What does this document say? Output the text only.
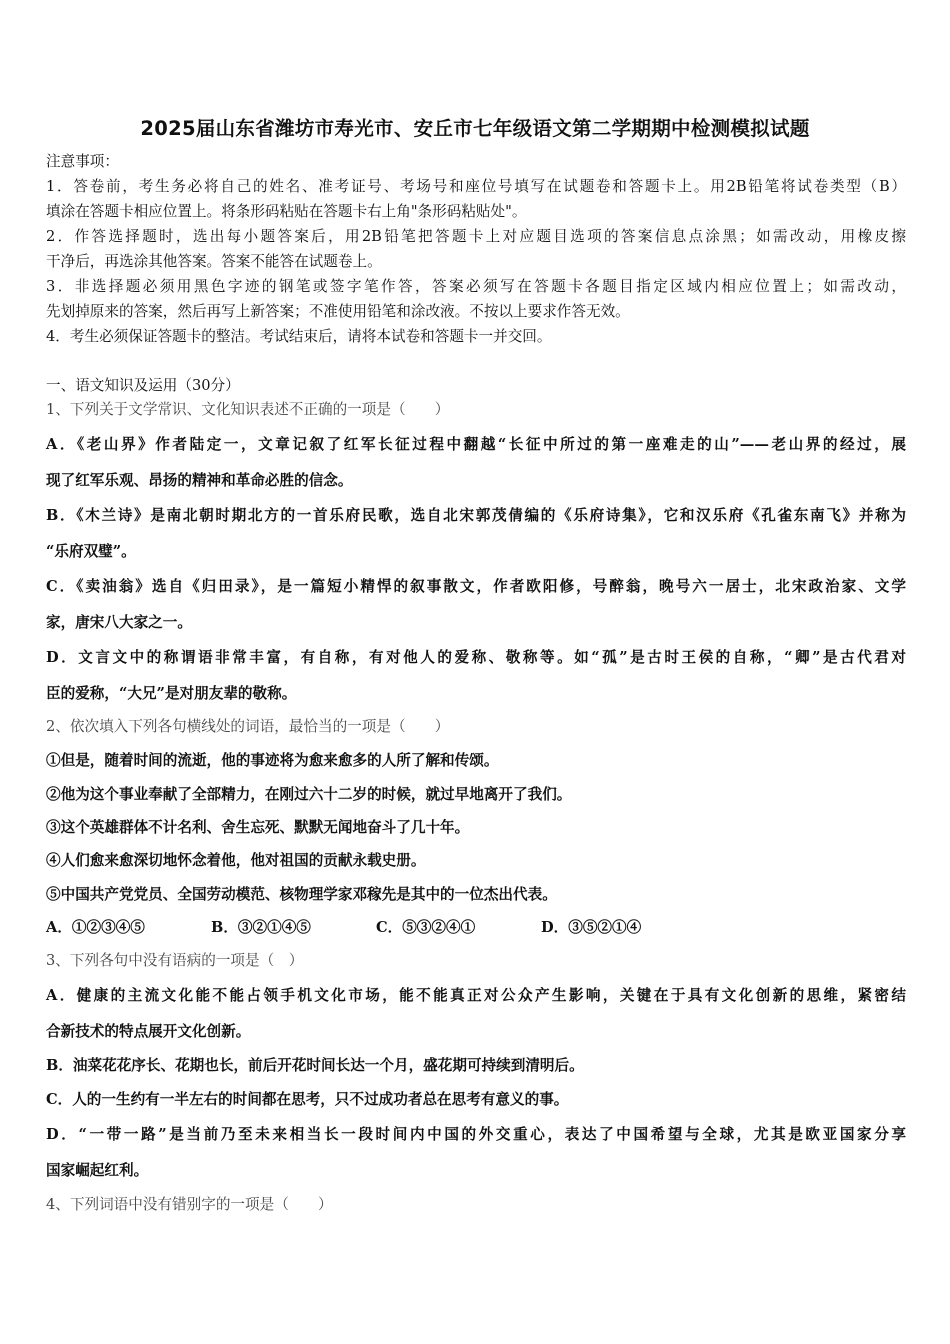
2025届山东省潍坊市寿光市、安丘市七年级语文第二学期期中检测模拟试题
注意事项：
1．答卷前，考生务必将自己的姓名、准考证号、考场号和座位号填写在试题卷和答题卡上。用2B铅笔将试卷类型（B）
填涂在答题卡相应位置上。将条形码粘贴在答题卡右上角"条形码粘贴处"。
2．作答选择题时，选出每小题答案后，用2B铅笔把答题卡上对应题目选项的答案信息点涂黑；如需改动，用橡皮擦
干净后，再选涂其他答案。答案不能答在试题卷上。
3．非选择题必须用黑色字迹的钢笔或签字笔作答，答案必须写在答题卡各题目指定区域内相应位置上；如需改动，
先划掉原来的答案，然后再写上新答案；不准使用铅笔和涂改液。不按以上要求作答无效。
4．考生必须保证答题卡的整洁。考试结束后，请将本试卷和答题卡一并交回。
一、语文知识及运用（30分）
1、下列关于文学常识、文化知识表述不正确的一项是（　　）
A．《老山界》作者陆定一，文章记叙了红军长征过程中翻越“长征中所过的第一座难走的山”——老山界的经过，展
现了红军乐观、昂扬的精神和革命必胜的信念。
B．《木兰诗》是南北朝时期北方的一首乐府民歌，选自北宋郭茂倩编的《乐府诗集》，它和汉乐府《孔雀东南飞》并称为
“乐府双璧”。
C．《卖油翁》选自《归田录》，是一篇短小精悍的叙事散文，作者欧阳修，号醉翁，晚号六一居士，北宋政治家、文学
家，唐宋八大家之一。
D．文言文中的称谓语非常丰富，有自称，有对他人的爱称、敬称等。如“孤”是古时王侯的自称，“卿”是古代君对
臣的爱称，“大兄”是对朋友辈的敬称。
2、依次填入下列各句横线处的词语，最恰当的一项是（　　）
①但是，随着时间的流逝，他的事迹将为愈来愈多的人所了解和传颂。
②他为这个事业奉献了全部精力，在刚过六十二岁的时候，就过早地离开了我们。
③这个英雄群体不计名利、舍生忘死、默默无闻地奋斗了几十年。
④人们愈来愈深切地怀念着他，他对祖国的贡献永载史册。
⑤中国共产党党员、全国劳动模范、核物理学家邓稼先是其中的一位杰出代表。
A．①②③④⑤	B．③②①④⑤	C．⑤③②④①	D．③⑤②①④
3、下列各句中没有语病的一项是（　）
A．健康的主流文化能不能占领手机文化市场，能不能真正对公众产生影响，关键在于具有文化创新的思维，紧密结
合新技术的特点展开文化创新。
B．油菜花花序长、花期也长，前后开花时间长达一个月，盛花期可持续到清明后。
C．人的一生约有一半左右的时间都在思考，只不过成功者总在思考有意义的事。
D．“一带一路”是当前乃至未来相当长一段时间内中国的外交重心，表达了中国希望与全球，尤其是欧亚国家分享
国家崛起红利。
4、下列词语中没有错别字的一项是（　　）
